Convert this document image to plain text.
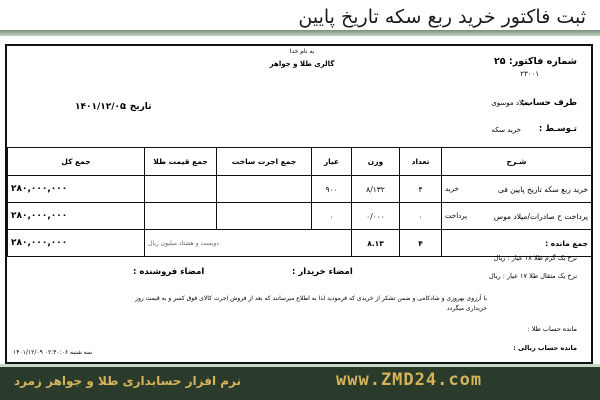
ثبت فاکتور خرید ربع سکه تاریخ پایین
شماره فاکتور: ۲۵
۲۳۰۰۱
به نام خدا
گالری طلا و جواهر
تاریخ :
۱۴۰۱/۱۲/۰۵	طرف حساب:
میلاد موسوی
تـوسـط :
خرید سکه
شـرح	تعداد	وزن	عیار	جمع اجرت ساخت	جمع قیمت طلا	جمع کل
خرید ربع سکه تاریخ پایین فی
خرید	۴	۸/۱۳۲	۹۰۰			۲۸۰,۰۰۰,۰۰۰
پرداخت ح صادرات/میلاد موس
پرداخت	۰	۰/۰۰۰	۰			۲۸۰,۰۰۰,۰۰۰
جمع مانده :	۴	۸.۱۳	دویست و هشتاد میلیون ریال			۲۸۰,۰۰۰,۰۰۰
نرخ یک گرم طلا ۱۸ عیار : ریال
نرخ یک مثقال طلا ۱۷ عیار : ریال
امضاء خریدار :
امضاء فروشنده :
با آرزوی بهروزی و شادکامی و ضمن تشکر از خریدی که فرمودید لذا به اطلاع میرسانند که بعد از فروش اجرت کالای فوق کسر و به قیمت روز خریداری میگردد
مانده حساب طلا :
مانده حساب ریالی :
۱۴۰۱/۱۲/۰۹ ۰۲:۴۰:۰۶ سه شنبه
www.ZMD24.com
نرم افزار حسابداری طلا و جواهر زمرد
